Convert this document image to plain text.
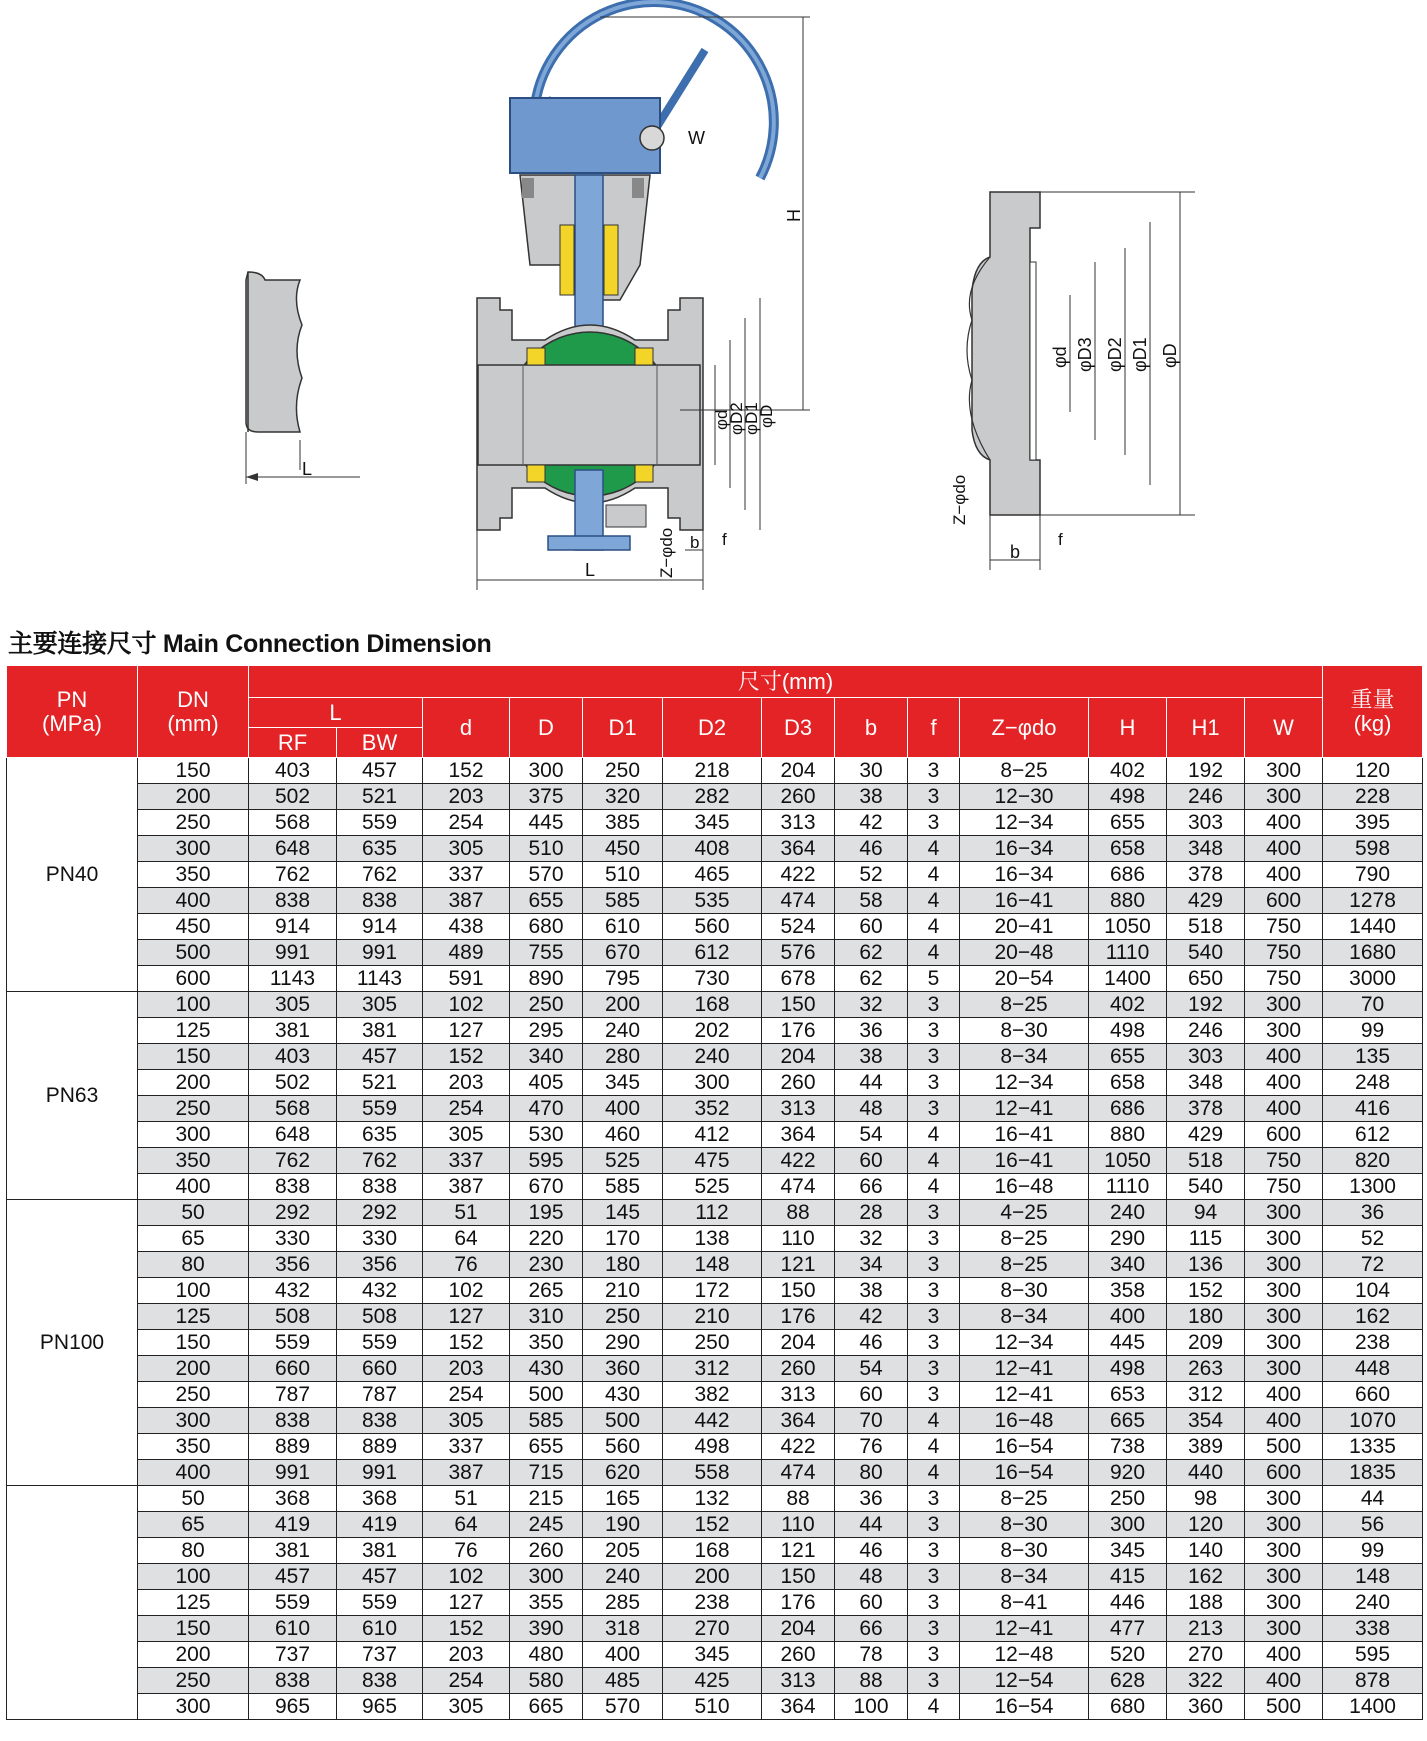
W
H
L
L
φd
φD2
φD1
φD
Z−φdo b f
φd φD3 φD2 φD1 φD
Z−φdo
b
f
主要连接尺寸 Main Connection Dimension
PN
(MPa)	DN
(mm)	尺寸(mm)													重量
(kg)
		L		d	D	D1	D2	D3	b	f	Z−φdo	H	H1	W	
		RF	BW												
PN40	150	403	457	152	300	250	218	204	30	3	8−25	402	192	300	120
	200	502	521	203	375	320	282	260	38	3	12−30	498	246	300	228
	250	568	559	254	445	385	345	313	42	3	12−34	655	303	400	395
	300	648	635	305	510	450	408	364	46	4	16−34	658	348	400	598
	350	762	762	337	570	510	465	422	52	4	16−34	686	378	400	790
	400	838	838	387	655	585	535	474	58	4	16−41	880	429	600	1278
	450	914	914	438	680	610	560	524	60	4	20−41	1050	518	750	1440
	500	991	991	489	755	670	612	576	62	4	20−48	1110	540	750	1680
	600	1143	1143	591	890	795	730	678	62	5	20−54	1400	650	750	3000
PN63	100	305	305	102	250	200	168	150	32	3	8−25	402	192	300	70
	125	381	381	127	295	240	202	176	36	3	8−30	498	246	300	99
	150	403	457	152	340	280	240	204	38	3	8−34	655	303	400	135
	200	502	521	203	405	345	300	260	44	3	12−34	658	348	400	248
	250	568	559	254	470	400	352	313	48	3	12−41	686	378	400	416
	300	648	635	305	530	460	412	364	54	4	16−41	880	429	600	612
	350	762	762	337	595	525	475	422	60	4	16−41	1050	518	750	820
	400	838	838	387	670	585	525	474	66	4	16−48	1110	540	750	1300
PN100	50	292	292	51	195	145	112	88	28	3	4−25	240	94	300	36
	65	330	330	64	220	170	138	110	32	3	8−25	290	115	300	52
	80	356	356	76	230	180	148	121	34	3	8−25	340	136	300	72
	100	432	432	102	265	210	172	150	38	3	8−30	358	152	300	104
	125	508	508	127	310	250	210	176	42	3	8−34	400	180	300	162
	150	559	559	152	350	290	250	204	46	3	12−34	445	209	300	238
	200	660	660	203	430	360	312	260	54	3	12−41	498	263	300	448
	250	787	787	254	500	430	382	313	60	3	12−41	653	312	400	660
	300	838	838	305	585	500	442	364	70	4	16−48	665	354	400	1070
	350	889	889	337	655	560	498	422	76	4	16−54	738	389	500	1335
	400	991	991	387	715	620	558	474	80	4	16−54	920	440	600	1835
	50	368	368	51	215	165	132	88	36	3	8−25	250	98	300	44
	65	419	419	64	245	190	152	110	44	3	8−30	300	120	300	56
	80	381	381	76	260	205	168	121	46	3	8−30	345	140	300	99
	100	457	457	102	300	240	200	150	48	3	8−34	415	162	300	148
	125	559	559	127	355	285	238	176	60	3	8−41	446	188	300	240
	150	610	610	152	390	318	270	204	66	3	12−41	477	213	300	338
	200	737	737	203	480	400	345	260	78	3	12−48	520	270	400	595
	250	838	838	254	580	485	425	313	88	3	12−54	628	322	400	878
	300	965	965	305	665	570	510	364	100	4	16−54	680	360	500	1400
